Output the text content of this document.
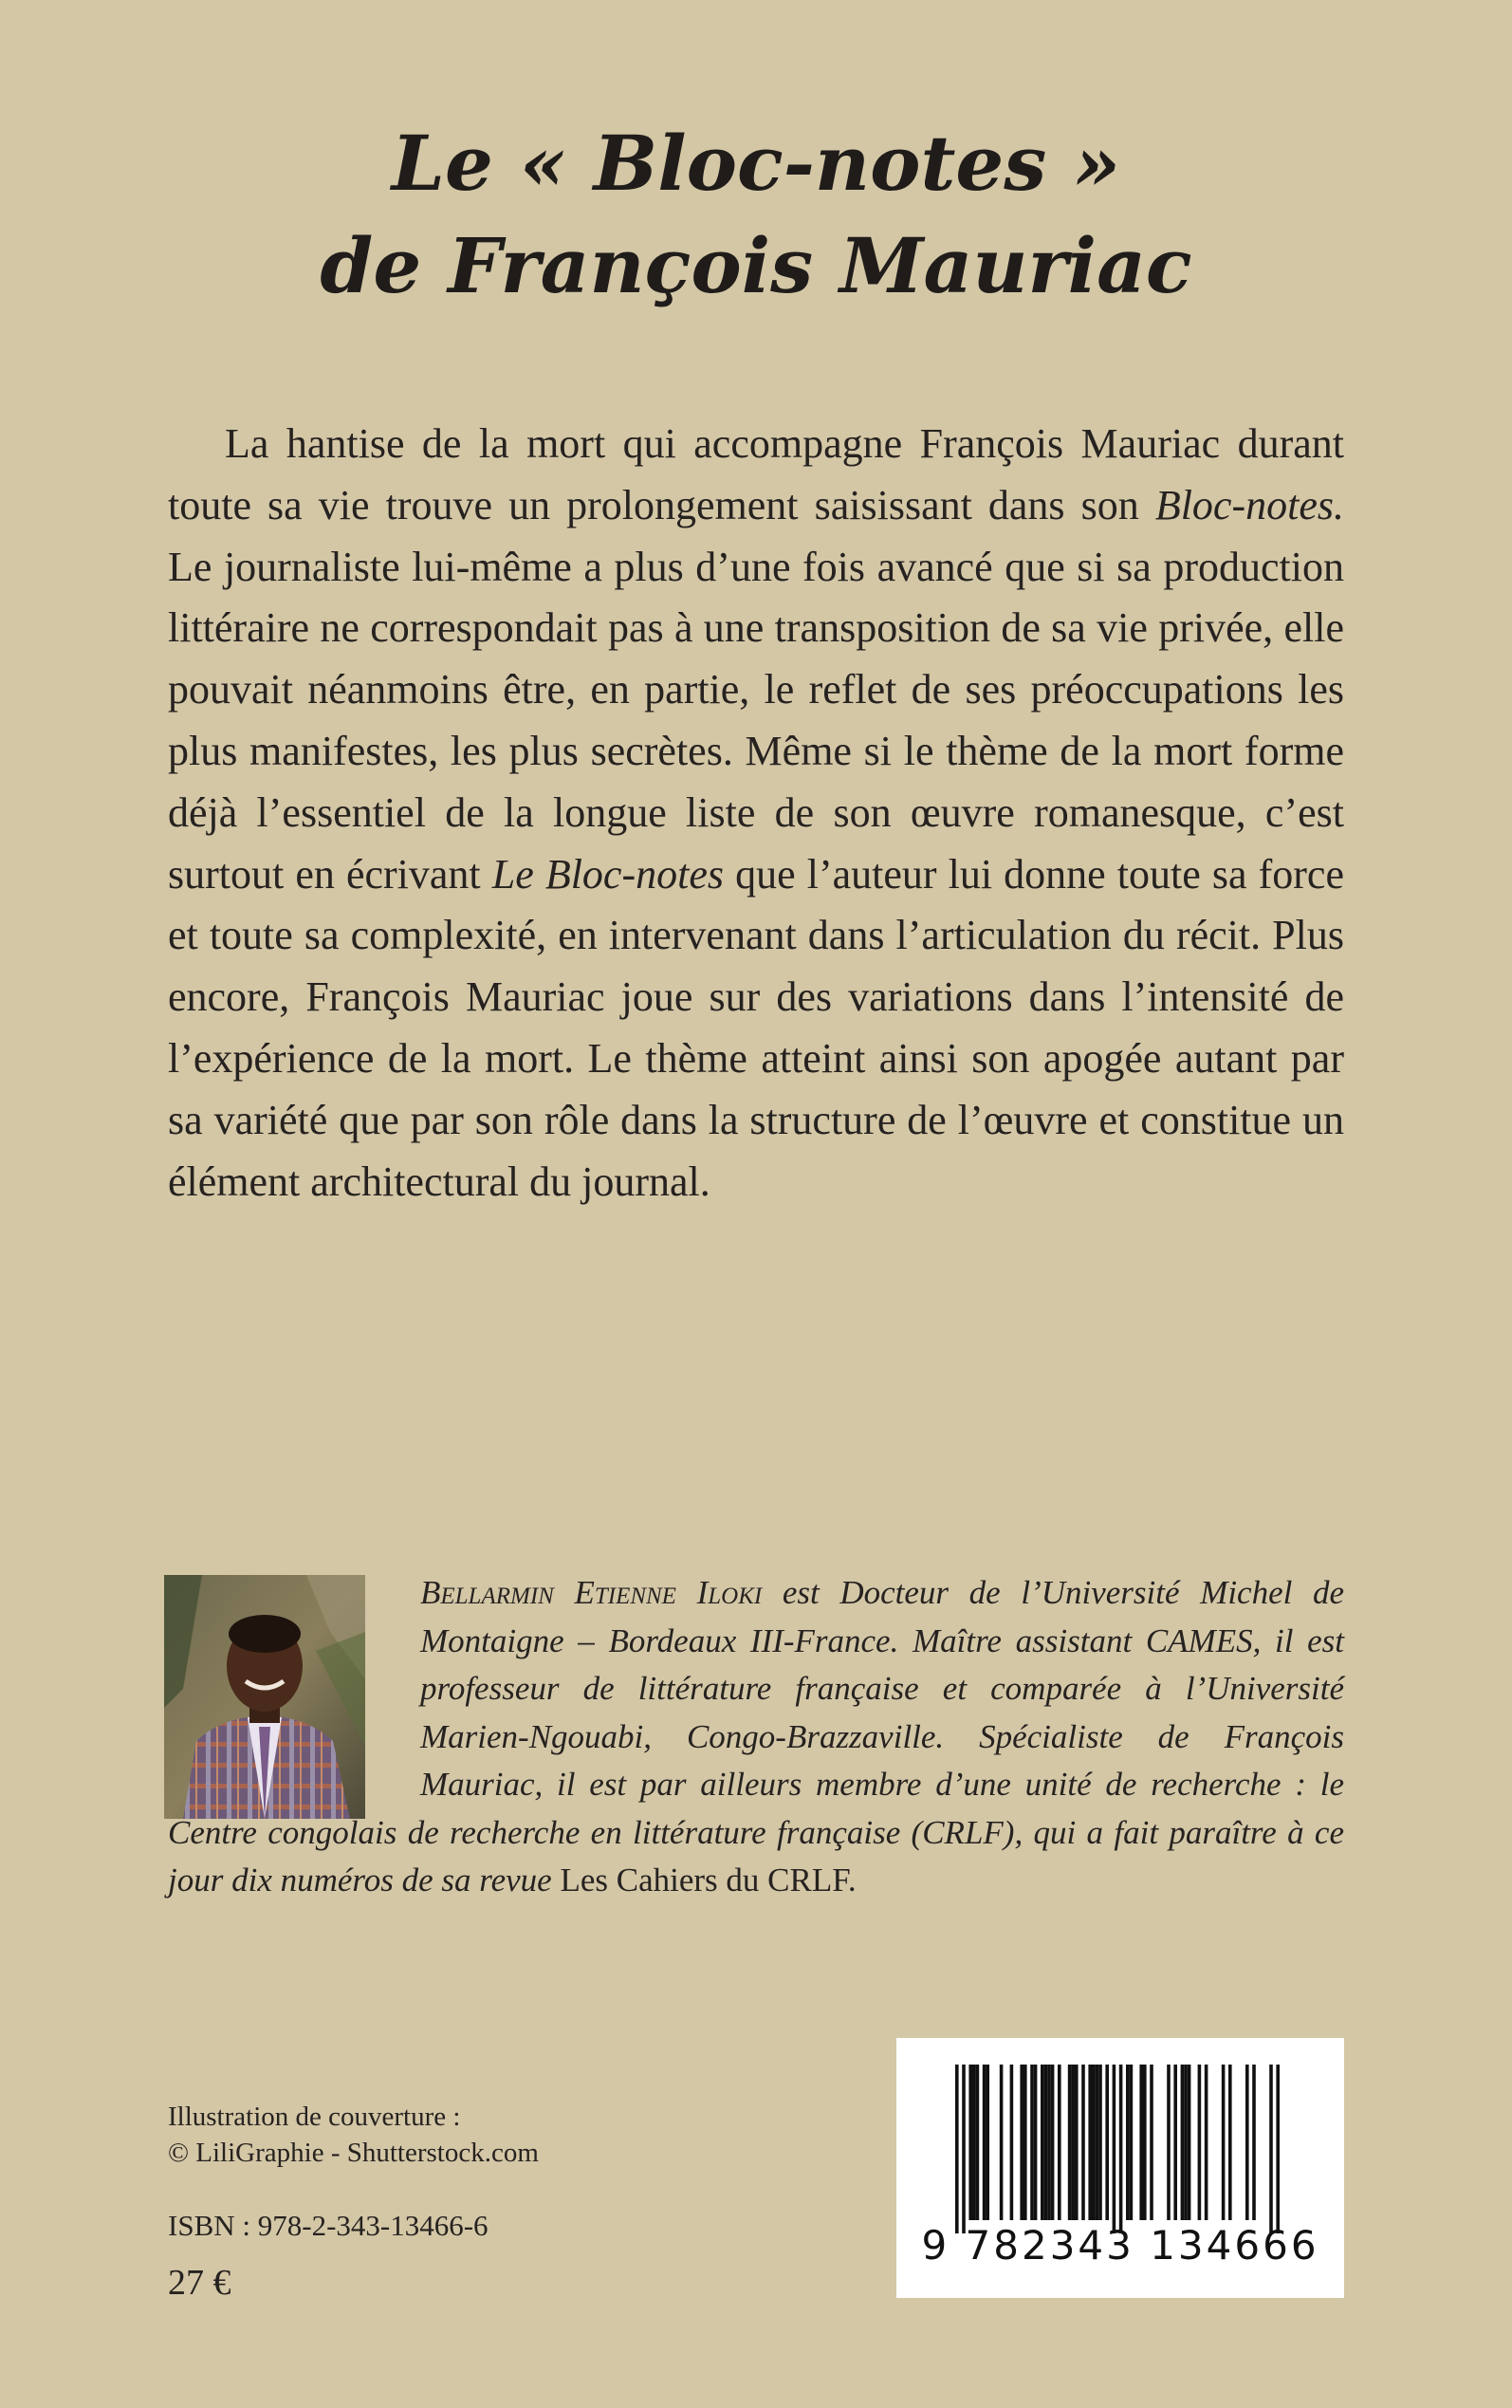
Le « Bloc-notes »
de François Mauriac

La hantise de la mort qui accompagne François Mauriac durant toute sa vie trouve un prolongement saisissant dans son Bloc-notes. Le journaliste lui-même a plus d’une fois avancé que si sa production littéraire ne correspondait pas à une transposition de sa vie privée, elle pouvait néanmoins être, en partie, le reflet de ses préoccupations les plus manifestes, les plus secrètes. Même si le thème de la mort forme déjà l’essentiel de la longue liste de son œuvre romanesque, c’est surtout en écrivant Le Bloc-notes que l’auteur lui donne toute sa force et toute sa complexité, en intervenant dans l’articulation du récit. Plus encore, François Mauriac joue sur des variations dans l’intensité de l’expérience de la mort. Le thème atteint ainsi son apogée autant par sa variété que par son rôle dans la structure de l’œuvre et constitue un élément architectural du journal.

Bellarmin Etienne Iloki est Docteur de l’Université Michel de Montaigne – Bordeaux III-France. Maître assistant CAMES, il est professeur de littérature française et comparée à l’Université Marien-Ngouabi, Congo-Brazzaville. Spécialiste de François Mauriac, il est par ailleurs membre d’une unité de recherche : le Centre congolais de recherche en littérature française (CRLF), qui a fait paraître à ce jour dix numéros de sa revue Les Cahiers du CRLF.

Illustration de couverture :
© LiliGraphie - Shutterstock.com
ISBN : 978-2-343-13466-6
27 €
9 782343 134666
